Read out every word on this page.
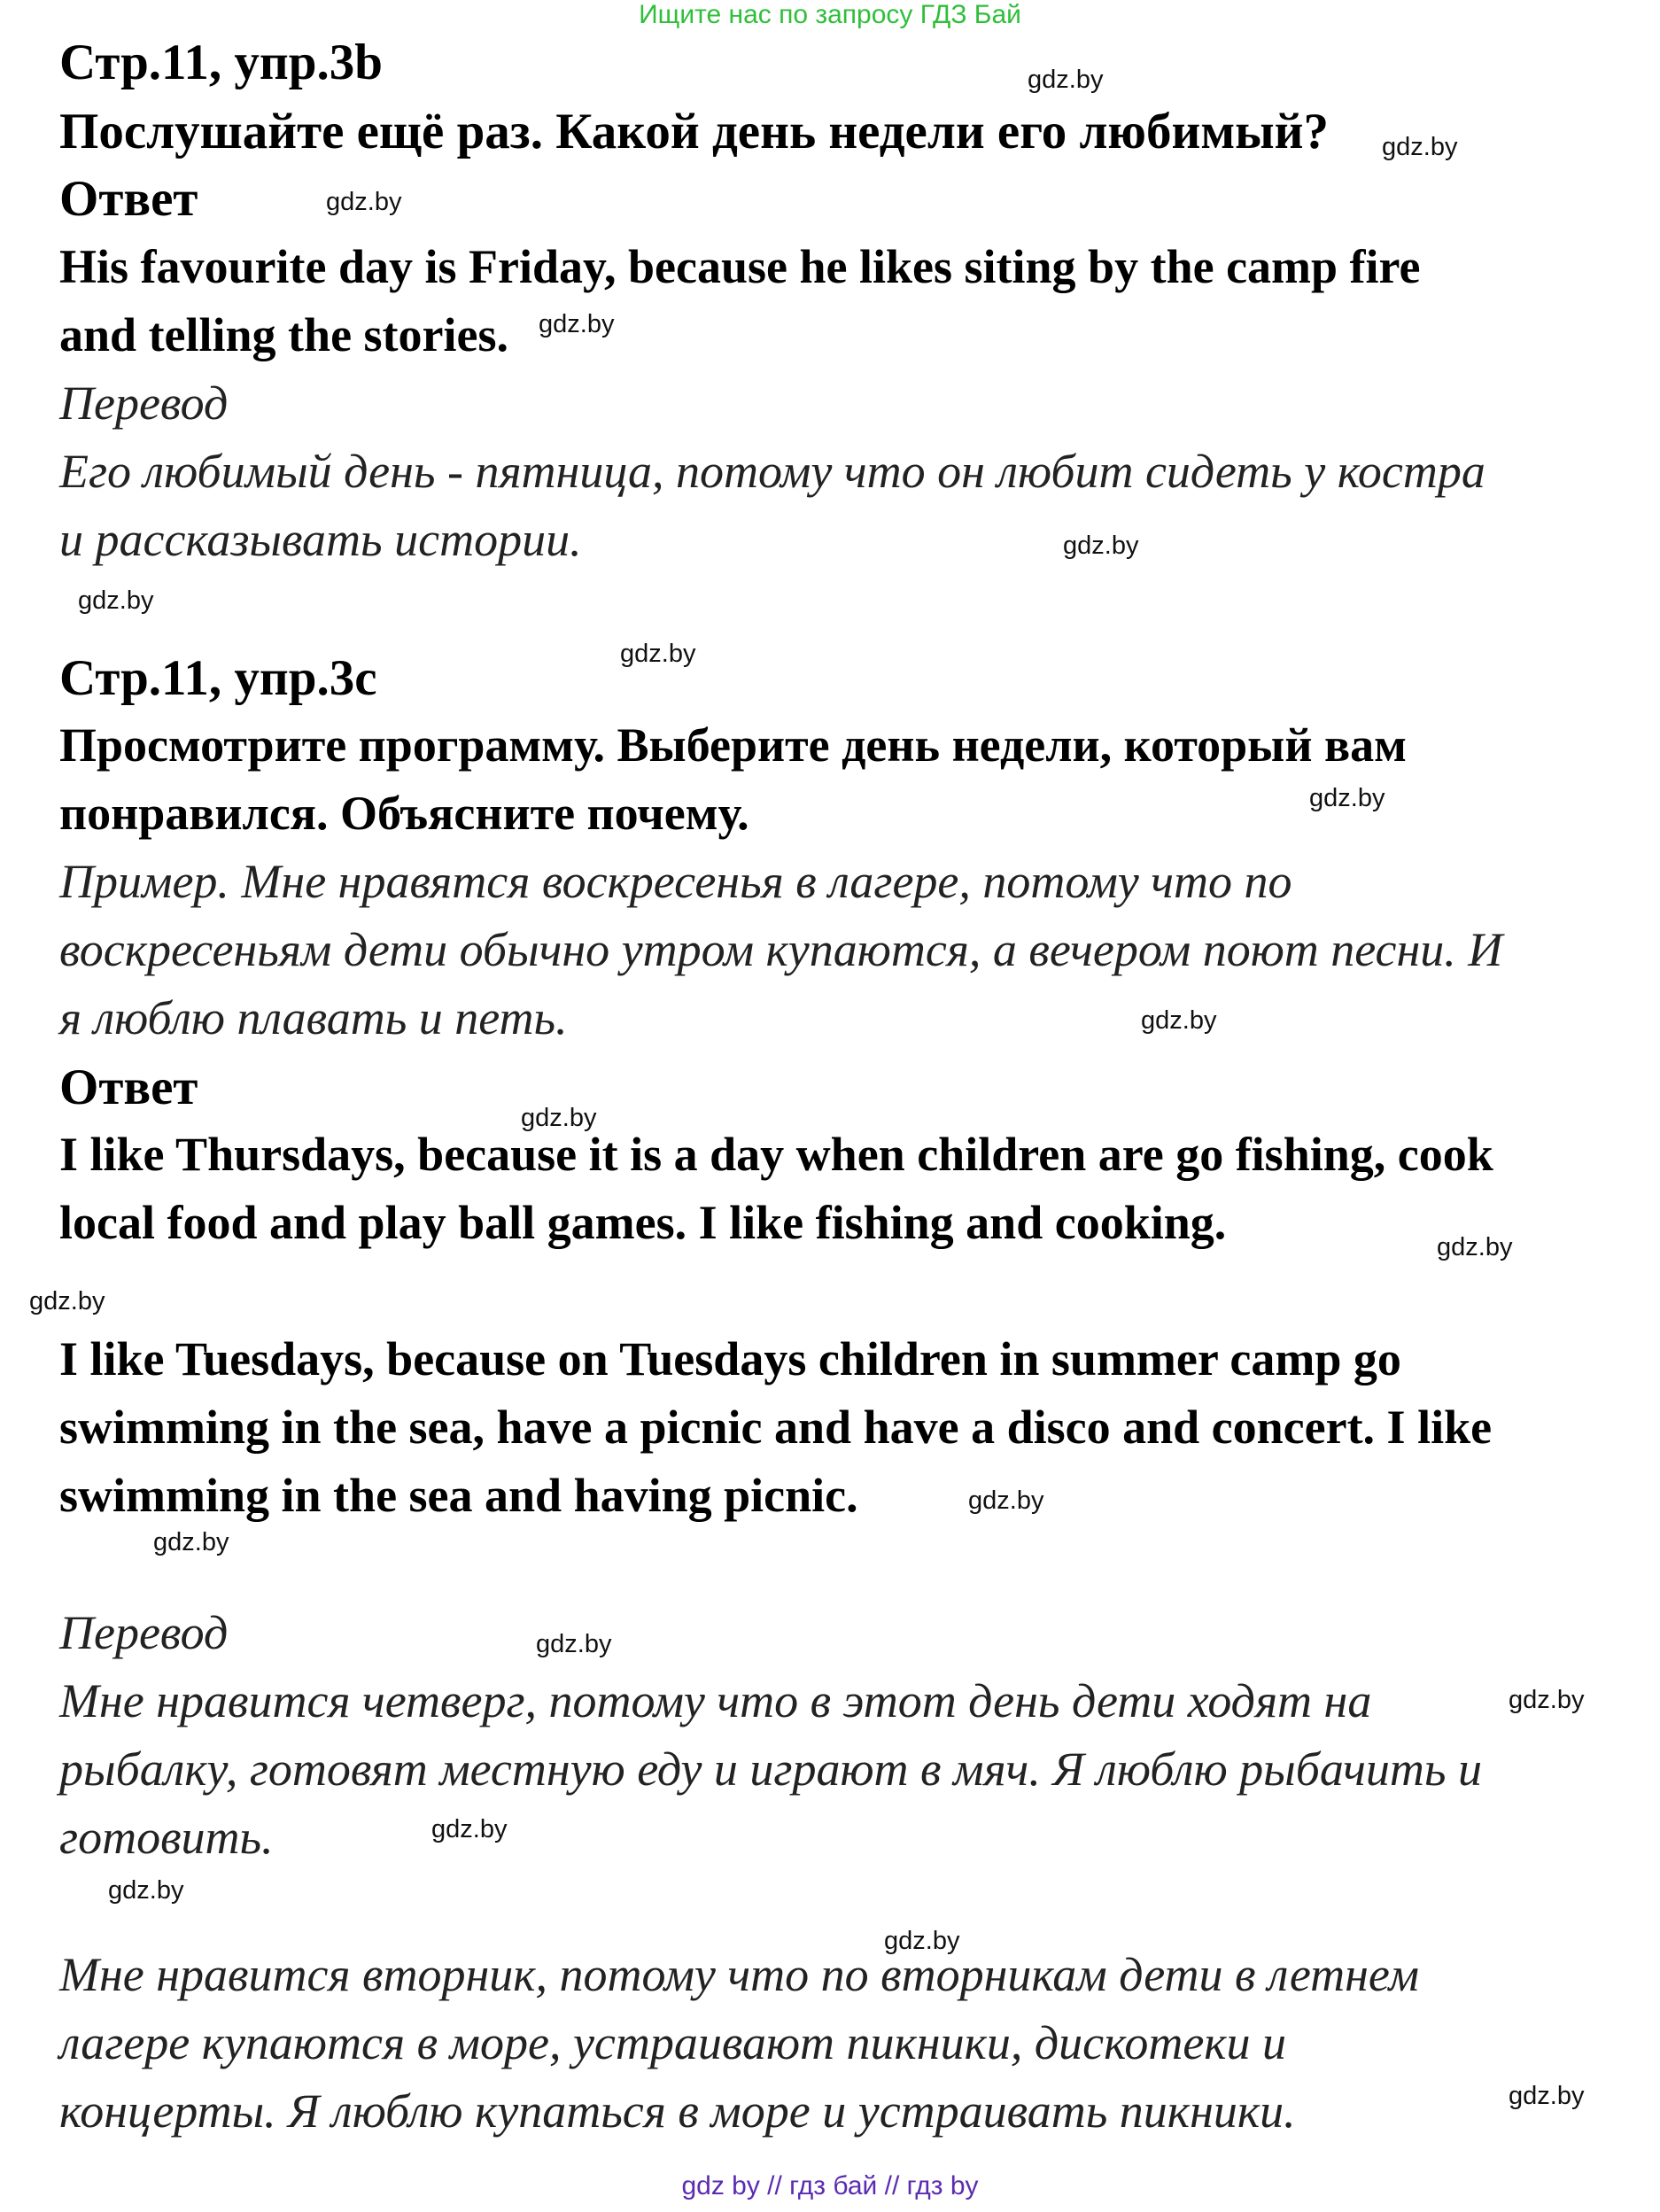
Ищите нас по запросу ГДЗ Бай
Стр.11, упр.3b
Послушайте ещё раз. Какой день недели его любимый?
Ответ
His favourite day is Friday, because he likes siting by the camp fire
and telling the stories.
Перевод
Его любимый день - пятница, потому что он любит сидеть у костра
и рассказывать истории.
Стр.11, упр.3с
Просмотрите программу. Выберите день недели, который вам
понравился. Объясните почему.
Пример. Мне нравятся воскресенья в лагере, потому что по
воскресеньям дети обычно утром купаются, а вечером поют песни. И
я люблю плавать и петь.
Ответ
I like Thursdays, because it is a day when children are go fishing, cook
local food and play ball games. I like fishing and cooking.
I like Tuesdays, because on Tuesdays children in summer camp go
swimming in the sea, have a picnic and have a disco and concert. I like
swimming in the sea and having picnic.
Перевод
Мне нравится четверг, потому что в этот день дети ходят на
рыбалку, готовят местную еду и играют в мяч. Я люблю рыбачить и
готовить.
Мне нравится вторник, потому что по вторникам дети в летнем
лагере купаются в море, устраивают пикники, дискотеки и
концерты. Я люблю купаться в море и устраивать пикники.
gdz.by
gdz.by
gdz.by
gdz.by
gdz.by
gdz.by
gdz.by
gdz.by
gdz.by
gdz.by
gdz.by
gdz.by
gdz.by
gdz.by
gdz.by
gdz.by
gdz.by
gdz.by
gdz.by
gdz.by
gdz by // гдз бай // гдз by
